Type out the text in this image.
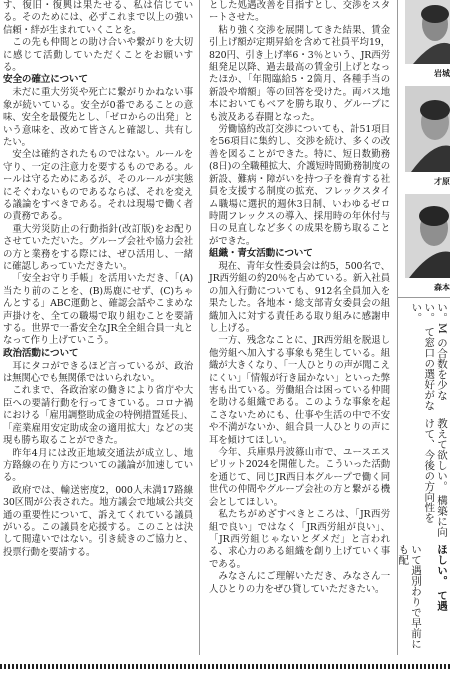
す、復旧・復興は果たせる、私は信じている。そのためには、必ずこれまで以上の強い信頼・絆が生まれていくことを。

この先も仲間との助け合いや繋がりを大切に感じて活動していただくことをお願いする。

安全の確立について

未だに重大労災や死亡に繋がりかねない事象が続いている。安全が0番であることの意味、安全を最優先とし、「ゼロからの出発」という意味を、改めて皆さんと確認し、共有したい。

安全は確約されたものではない。ルールを守り、一定の注意力を要するものである。ルールは守るためにあるが、そのルールが実態にそぐわないものであるならば、それを変える議論をすべきである。それは現場で働く者の責務である。

重大労災防止の行動指針(改訂版)をお配りさせていただいた。グループ会社や協力会社の方と業務をする際には、ぜひ活用し、一緒に確認しあっていただきたい。

「安全お守り手帳」を活用いただき、「(A)当たり前のことを、(B)馬鹿にせず、(C)ちゃんとする」ABC運動と、確認会話やこまめな声掛けを、全ての職場で取り組むことを要請する。世界で一番安全なJR全全組合員一丸となって作り上げていこう。

政治活動について

耳にタコができるほど言っているが、政治は無関心でも無関係ではいられない。

これまで、各政治家の働きにより省庁や大臣への要請行動を行ってきている。コロナ禍における「雇用調整助成金の特例措置延長」、「産業雇用安定助成金の適用拡大」などの実現も勝ち取ることができた。

昨年4月には改正地域交通法が成立し、地方路線の在り方についての議論が加速している。

政府では、輸送密度2，000人未満17路線30区間が公表された。地方議会で地域公共交通の重要性について、訴えてくれている議員がいる。この議員を応援する。このことは決して間違いではない。引き続きのご協力と、投票行動を要請する。

とした処遇改善を目指すとし、交渉をスタートさせた。

粘り強く交渉を展開してきた結果、賃金引上げ額が定期昇給を含めて社員平均19，820円、引き上げ率6・3％という、JR西労組発足以降、過去最高の賃金引上げとなったほか、「年間臨給5・2箇月、各種手当の新設や増額」等の回答を受けた。両パス地本においてもベアを勝ち取り、グループにも波及ある春闘となった。

労働協約改訂交渉についても、計51項目を56項目に集約し、交渉を続け、多くの改善を図ることができた。特に、短日数勤務(8日)の全職種拡大、介護短時間勤務制度の新設、難病・障がいを持つ子を養育する社員を支援する制度の拡充、フレックスタイム職場に選択的週休3日制、いわゆるゼロ時間フレックスの導入、採用時の年休付与日の見直しなど多くの成果を勝ち取ることができた。

組織・青女活動について

現在、青年女性委員会は約5，500名で、JR西労組の約20％を占めている。新入社員の加入行動についても、912名全員加入を果たした。各地本・総支部青女委員会の組織加入に対する責任ある取り組みに感謝申し上げる。

一方、残念なことに、JR西労組を脱退し他労組へ加入する事象も発生している。組織が大きくなり、「一人ひとりの声が聞こえにくい」「情報が行き届かない」といった弊害も出ている。労働組合は困っている仲間を助ける組織である。このような事象を起こさないためにも、仕事や生活の中で不安や不満がないか、組合員一人ひとりの声に耳を傾けてほしい。

今年、兵庫県丹波篠山市で、ユースエスピリット2024を開催した。こういった活動を通じて、同じJR西日本グループで働く同世代の仲間やグループ会社の方と繋がる機会としてほしい。

私たちがめざすべきところは、「JR西労組で良い」ではなく「JR西労組が良い」、「JR西労組じゃないとダメだ」と言われる、求心力のある組織を創り上げていく事である。

みなさんにご理解いただき、みなさん一人ひとりの力をぜひ貸していただきたい。

岩城
才原
森本
い。M の合数を少ない。 て窓口の選好がない。
教えて欲しい。 構築に向けて、今後の方向性を
ほしい。 て遇
いて遇別わりで早前にも配
